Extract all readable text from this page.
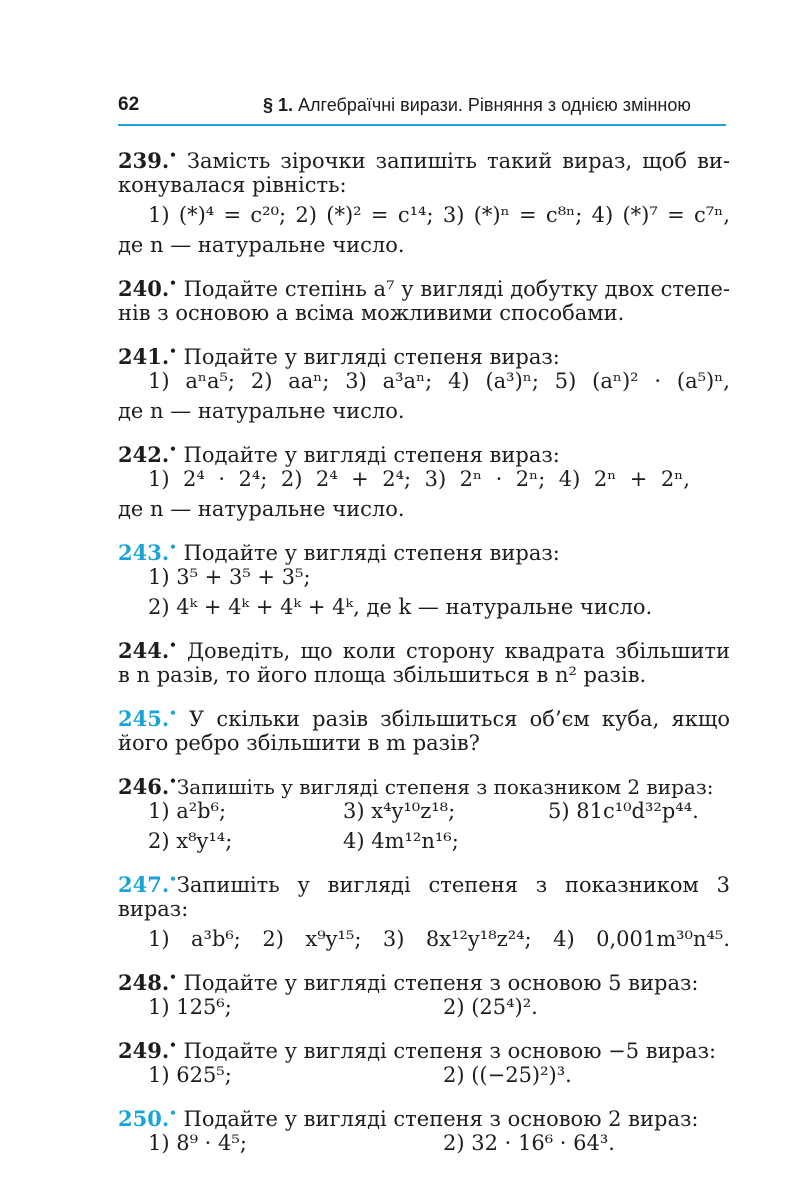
62	§ 1. Алгебраїчні вирази. Рівняння з однією змінною
239.• Замість зірочки запишіть такий вираз, щоб ви-
конувалася рівність:
1) (*)⁴ = c²⁰; 2) (*)² = c¹⁴; 3) (*)ⁿ = c⁸ⁿ; 4) (*)⁷ = c⁷ⁿ,
де n — натуральне число.
240.• Подайте степінь a⁷ у вигляді добутку двох степе-
нів з основою a всіма можливими способами.
241.• Подайте у вигляді степеня вираз:
1) aⁿa⁵; 2) aaⁿ; 3) a³aⁿ; 4) (a³)ⁿ; 5) (aⁿ)² · (a⁵)ⁿ,
де n — натуральне число.
242.• Подайте у вигляді степеня вираз:
1) 2⁴ · 2⁴; 2) 2⁴ + 2⁴; 3) 2ⁿ · 2ⁿ; 4) 2ⁿ + 2ⁿ,
де n — натуральне число.
243.• Подайте у вигляді степеня вираз:
1) 3⁵ + 3⁵ + 3⁵;
2) 4ᵏ + 4ᵏ + 4ᵏ + 4ᵏ, де k — натуральне число.
244.• Доведіть, що коли сторону квадрата збільшити
в n разів, то його площа збільшиться в n² разів.
245.• У скільки разів збільшиться об’єм куба, якщо
його ребро збільшити в m разів?
246.•Запишіть у вигляді степеня з показником 2 вираз:
1) a²b⁶;	3) x⁴y¹⁰z¹⁸;	5) 81c¹⁰d³²p⁴⁴.
2) x⁸y¹⁴;	4) 4m¹²n¹⁶;
247.•Запишіть у вигляді степеня з показником 3
вираз:
1) a³b⁶; 2) x⁹y¹⁵; 3) 8x¹²y¹⁸z²⁴; 4) 0,001m³⁰n⁴⁵.
248.• Подайте у вигляді степеня з основою 5 вираз:
1) 125⁶;	2) (25⁴)².
249.• Подайте у вигляді степеня з основою −5 вираз:
1) 625⁵;	2) ((−25)²)³.
250.• Подайте у вигляді степеня з основою 2 вираз:
1) 8⁹ · 4⁵;	2) 32 · 16⁶ · 64³.
